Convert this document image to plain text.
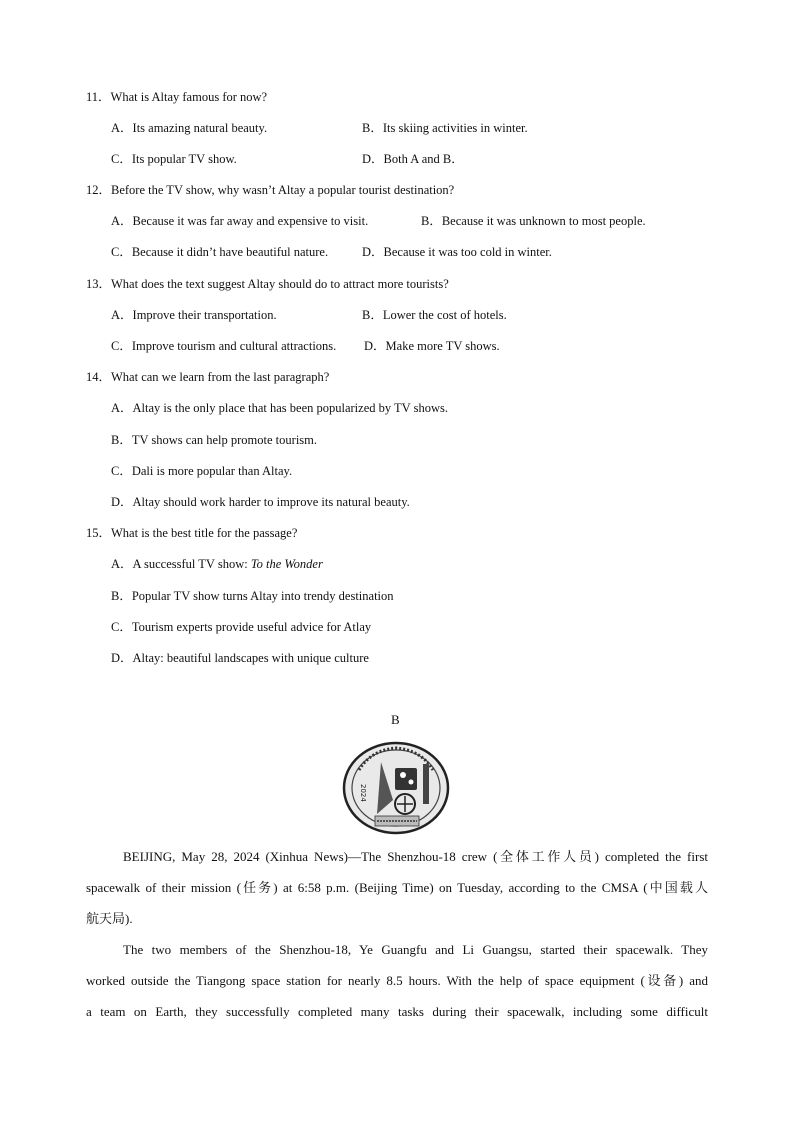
11．What is Altay famous for now?
A．Its amazing natural beauty.	B．Its skiing activities in winter.
C．Its popular TV show.	D．Both A and B．
12．Before the TV show, why wasn’t Altay a popular tourist destination?
A．Because it was far away and expensive to visit.	B．Because it was unknown to most people.
C．Because it didn’t have beautiful nature.	D．Because it was too cold in winter.
13．What does the text suggest Altay should do to attract more tourists?
A．Improve their transportation.	B．Lower the cost of hotels.
C．Improve tourism and cultural attractions. D．Make more TV shows.
14．What can we learn from the last paragraph?
A．Altay is the only place that has been popularized by TV shows.
B．TV shows can help promote tourism.
C．Dali is more popular than Altay.
D．Altay should work harder to improve its natural beauty.
15．What is the best title for the passage?
A．A successful TV show: To the Wonder
B．Popular TV show turns Altay into trendy destination
C．Tourism experts provide useful advice for Atlay
D．Altay: beautiful landscapes with unique culture
B
2024
BEIJING, May 28, 2024 (Xinhua News)—The Shenzhou-18 crew (全体工作人员) completed the first
spacewalk of their mission (任务) at 6:58 p.m. (Beijing Time) on Tuesday, according to the CMSA (中国载人
航天局).
The two members of the Shenzhou-18, Ye Guangfu and Li Guangsu, started their spacewalk. They
worked outside the Tiangong space station for nearly 8.5 hours. With the help of space equipment (设备) and
a team on Earth, they successfully completed many tasks during their spacewalk, including some difficult
